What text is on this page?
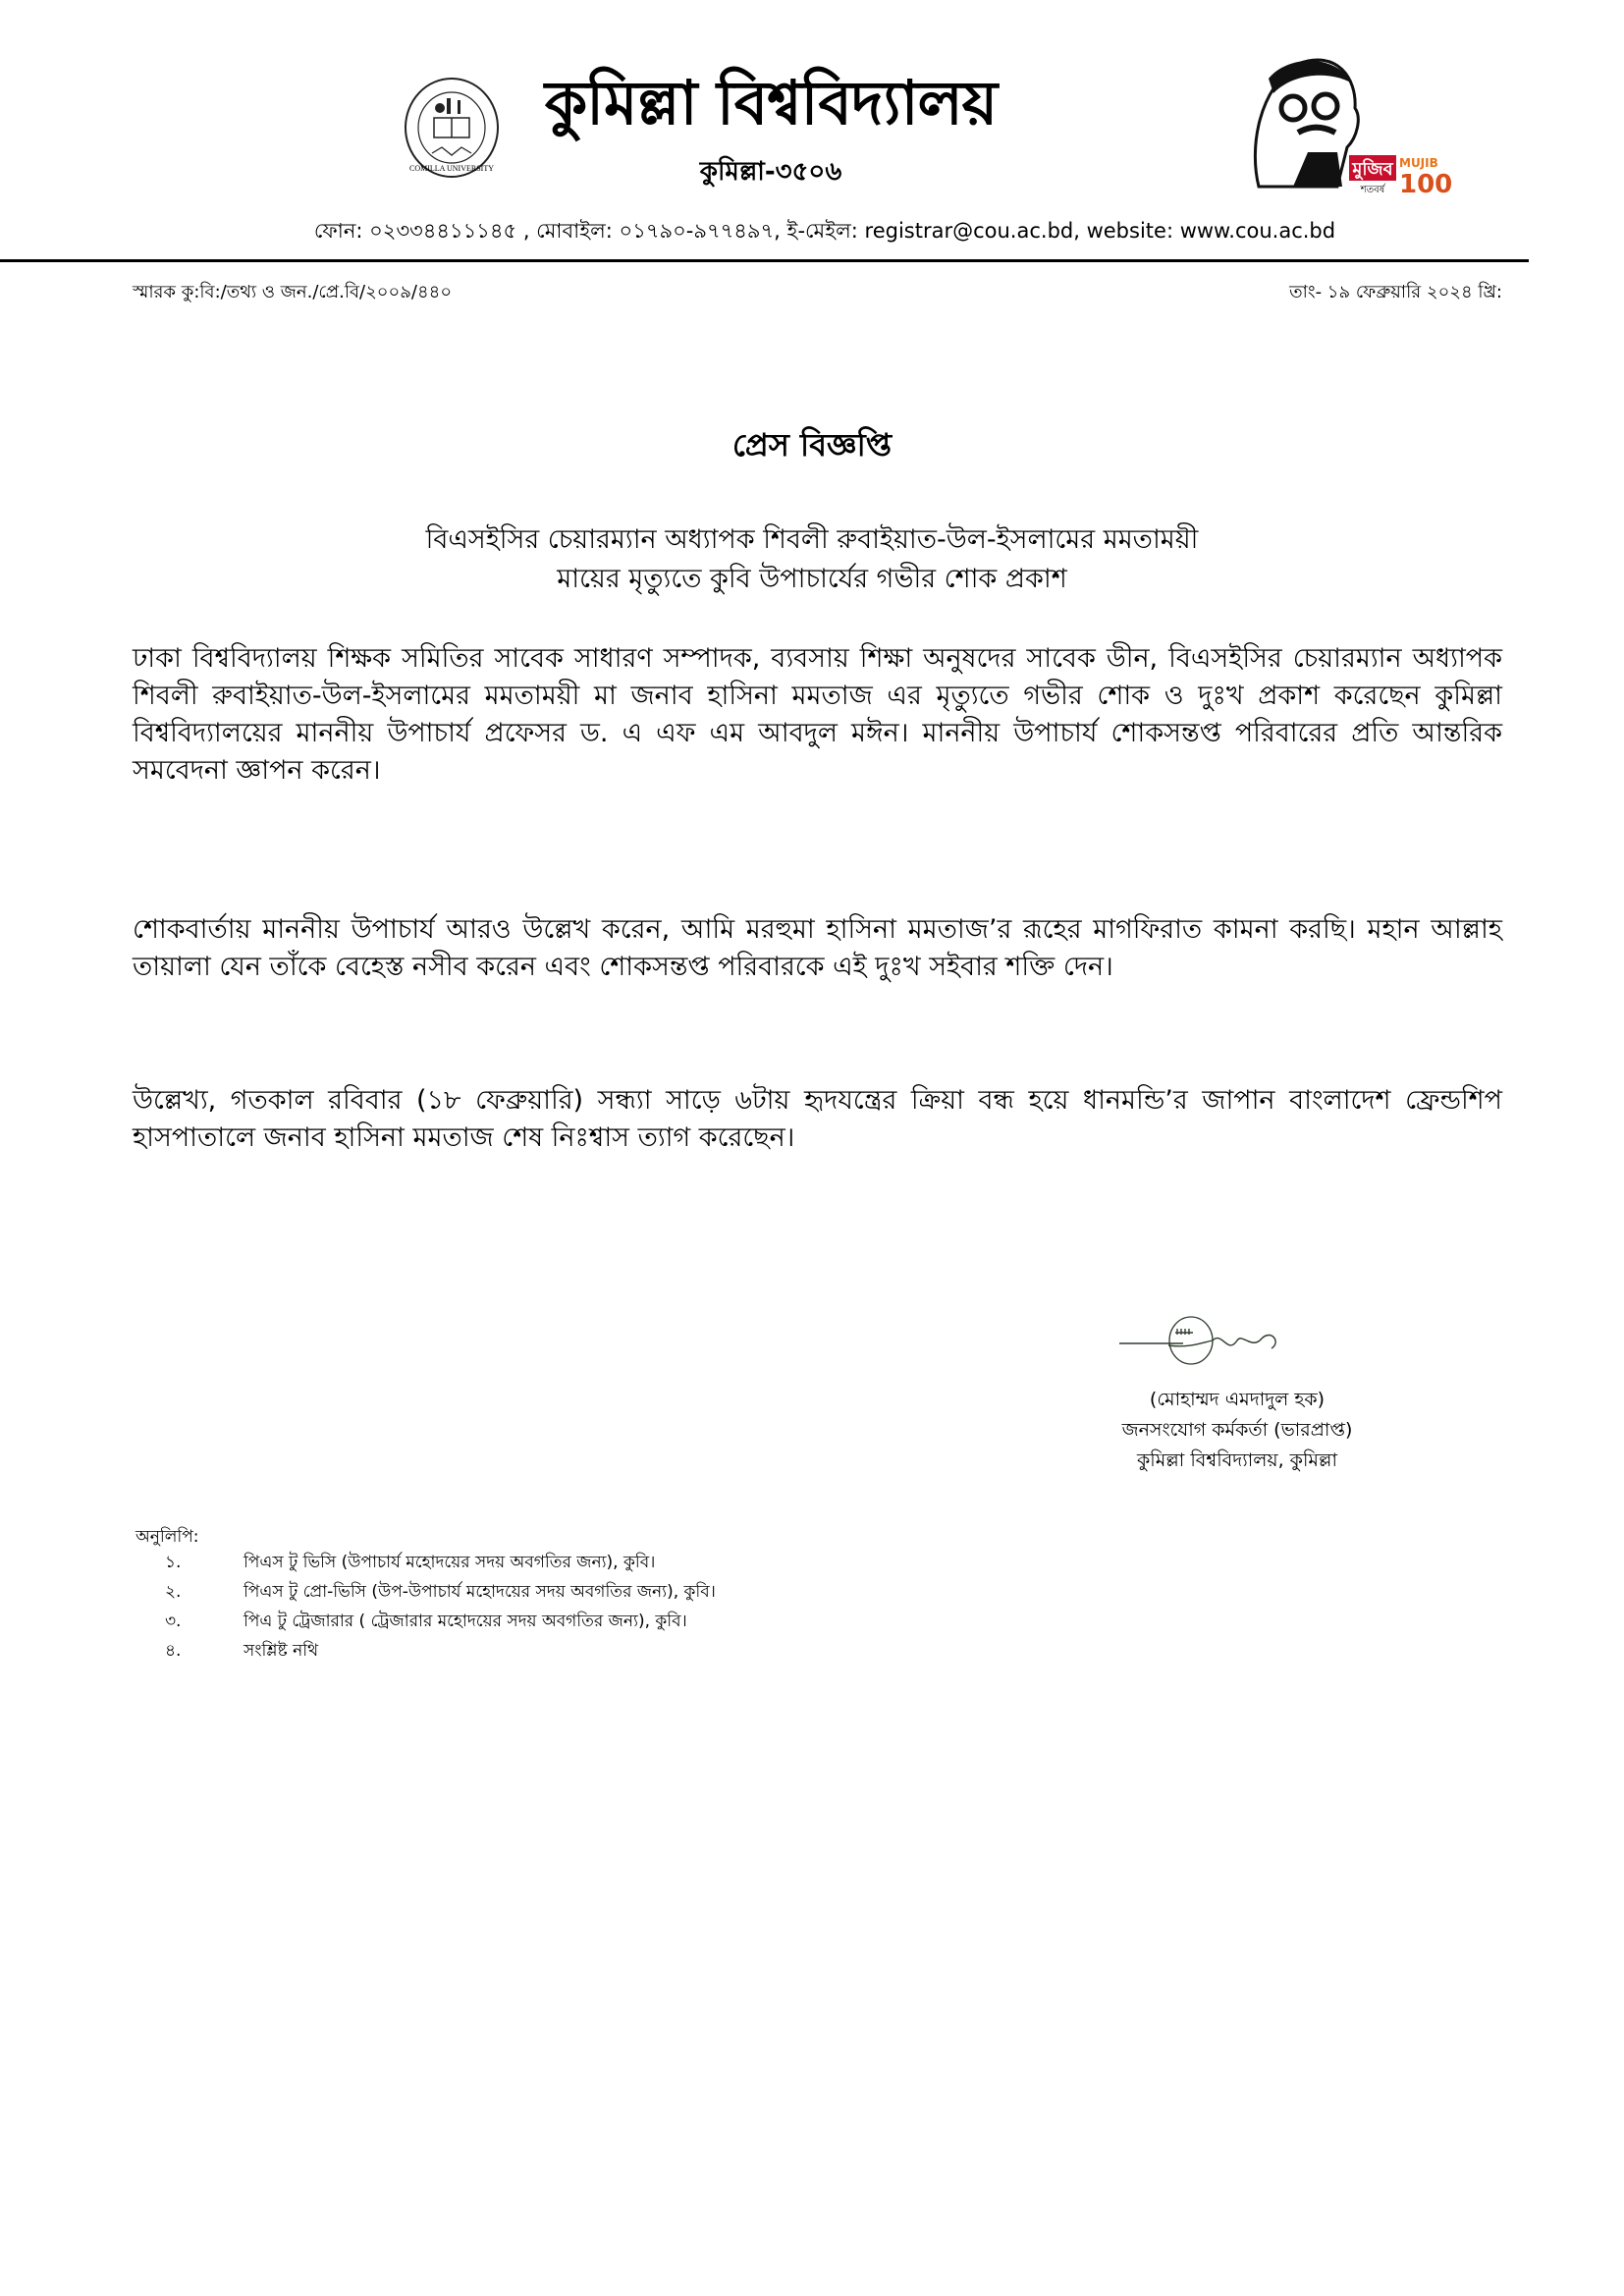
COMILLA UNIVERSITY
কুমিল্লা বিশ্ববিদ্যালয়
কুমিল্লা-৩৫০৬	মুজিব
শতবর্ষ
MUJIB
100
ফোন: ০২৩৩৪৪১১১৪৫ , মোবাইল: ০১৭৯০-৯৭৭৪৯৭, ই-মেইল: registrar@cou.ac.bd, website: www.cou.ac.bd
স্মারক কু:বি:/তথ্য ও জন./প্রে.বি/২০০৯/৪৪০	তাং- ১৯ ফেব্রুয়ারি ২০২৪ খ্রি:
প্রেস বিজ্ঞপ্তি
বিএসইসির চেয়ারম্যান অধ্যাপক শিবলী রুবাইয়াত-উল-ইসলামের মমতাময়ী
মায়ের মৃত্যুতে কুবি উপাচার্যের গভীর শোক প্রকাশ

ঢাকা বিশ্ববিদ্যালয় শিক্ষক সমিতির সাবেক সাধারণ সম্পাদক, ব্যবসায় শিক্ষা অনুষদের সাবেক ডীন, বিএসইসির চেয়ারম্যান অধ্যাপক শিবলী রুবাইয়াত-উল-ইসলামের মমতাময়ী মা জনাব হাসিনা মমতাজ এর মৃত্যুতে গভীর শোক ও দুঃখ প্রকাশ করেছেন কুমিল্লা বিশ্ববিদ্যালয়ের মাননীয় উপাচার্য প্রফেসর ড. এ এফ এম আবদুল মঈন। মাননীয় উপাচার্য শোকসন্তপ্ত পরিবারের প্রতি আন্তরিক সমবেদনা জ্ঞাপন করেন।

শোকবার্তায় মাননীয় উপাচার্য আরও উল্লেখ করেন, আমি মরহুমা হাসিনা মমতাজ’র রূহের মাগফিরাত কামনা করছি। মহান আল্লাহ তায়ালা যেন তাঁকে বেহেস্ত নসীব করেন এবং শোকসন্তপ্ত পরিবারকে এই দুঃখ সইবার শক্তি দেন।

উল্লেখ্য, গতকাল রবিবার (১৮ ফেব্রুয়ারি) সন্ধ্যা সাড়ে ৬টায় হৃদযন্ত্রের ক্রিয়া বন্ধ হয়ে ধানমন্ডি’র জাপান বাংলাদেশ ফ্রেন্ডশিপ হাসপাতালে জনাব হাসিনা মমতাজ শেষ নিঃশ্বাস ত্যাগ করেছেন।

(মোহাম্মদ এমদাদুল হক)
জনসংযোগ কর্মকর্তা (ভারপ্রাপ্ত)
কুমিল্লা বিশ্ববিদ্যালয়, কুমিল্লা
অনুলিপি:
১.	পিএস টু ভিসি (উপাচার্য মহোদয়ের সদয় অবগতির জন্য), কুবি।
২.	পিএস টু প্রো-ভিসি (উপ-উপাচার্য মহোদয়ের সদয় অবগতির জন্য), কুবি।
৩.	পিএ টু ট্রেজারার ( ট্রেজারার মহোদয়ের সদয় অবগতির জন্য), কুবি।
৪.	সংশ্লিষ্ট নথি
